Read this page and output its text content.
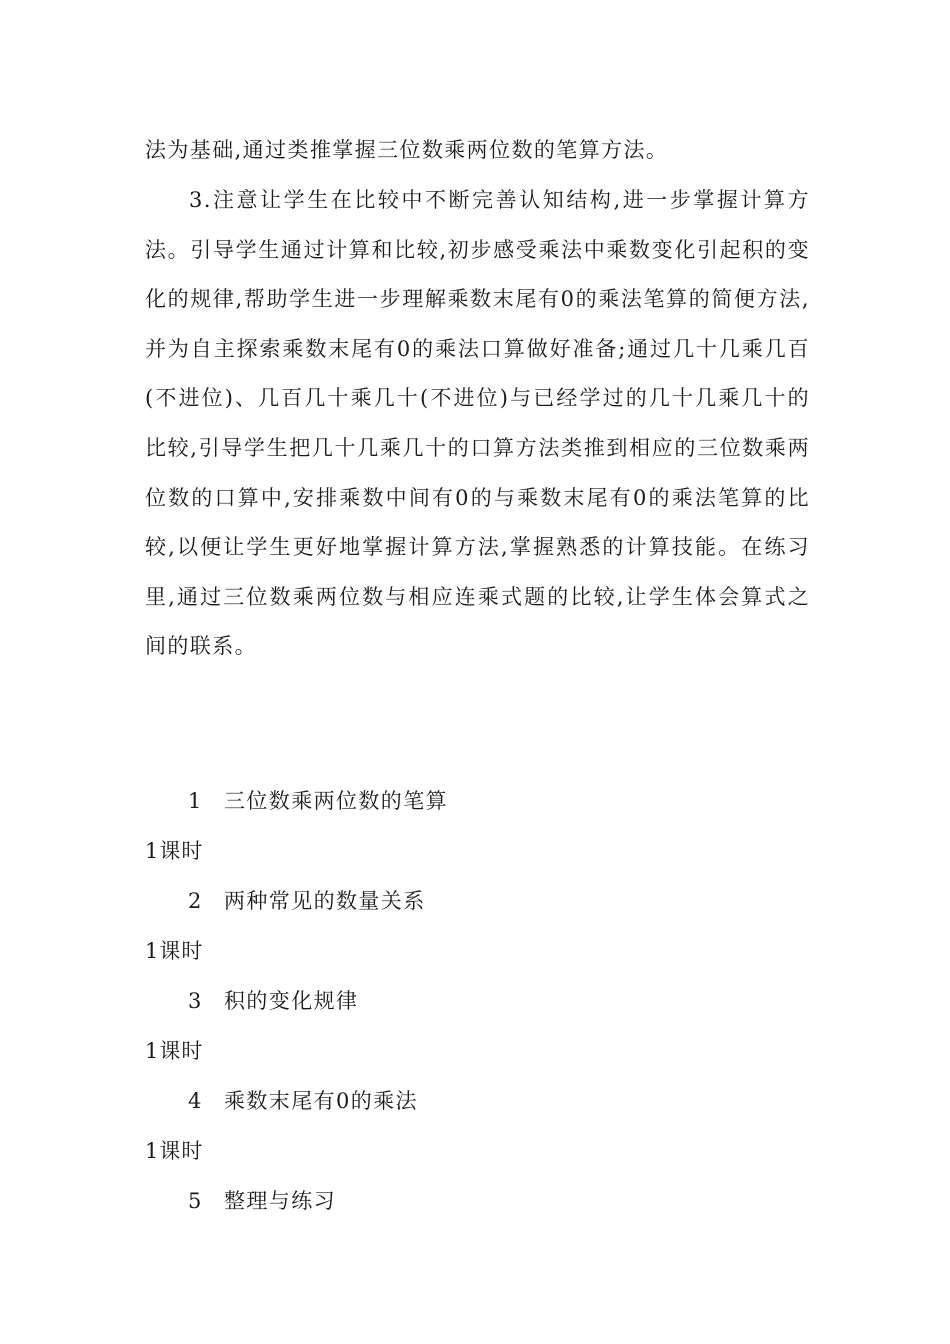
法为基础,通过类推掌握三位数乘两位数的笔算方法。

3.注意让学生在比较中不断完善认知结构,进一步掌握计算方法。引导学生通过计算和比较,初步感受乘法中乘数变化引起积的变化的规律,帮助学生进一步理解乘数末尾有0的乘法笔算的简便方法,并为自主探索乘数末尾有0的乘法口算做好准备;通过几十几乘几百(不进位)、几百几十乘几十(不进位)与已经学过的几十几乘几十的比较,引导学生把几十几乘几十的口算方法类推到相应的三位数乘两位数的口算中,安排乘数中间有0的与乘数末尾有0的乘法笔算的比较,以便让学生更好地掌握计算方法,掌握熟悉的计算技能。在练习里,通过三位数乘两位数与相应连乘式题的比较,让学生体会算式之间的联系。

1 三位数乘两位数的笔算
1课时
2 两种常见的数量关系
1课时
3 积的变化规律
1课时
4 乘数末尾有0的乘法
1课时
5 整理与练习
